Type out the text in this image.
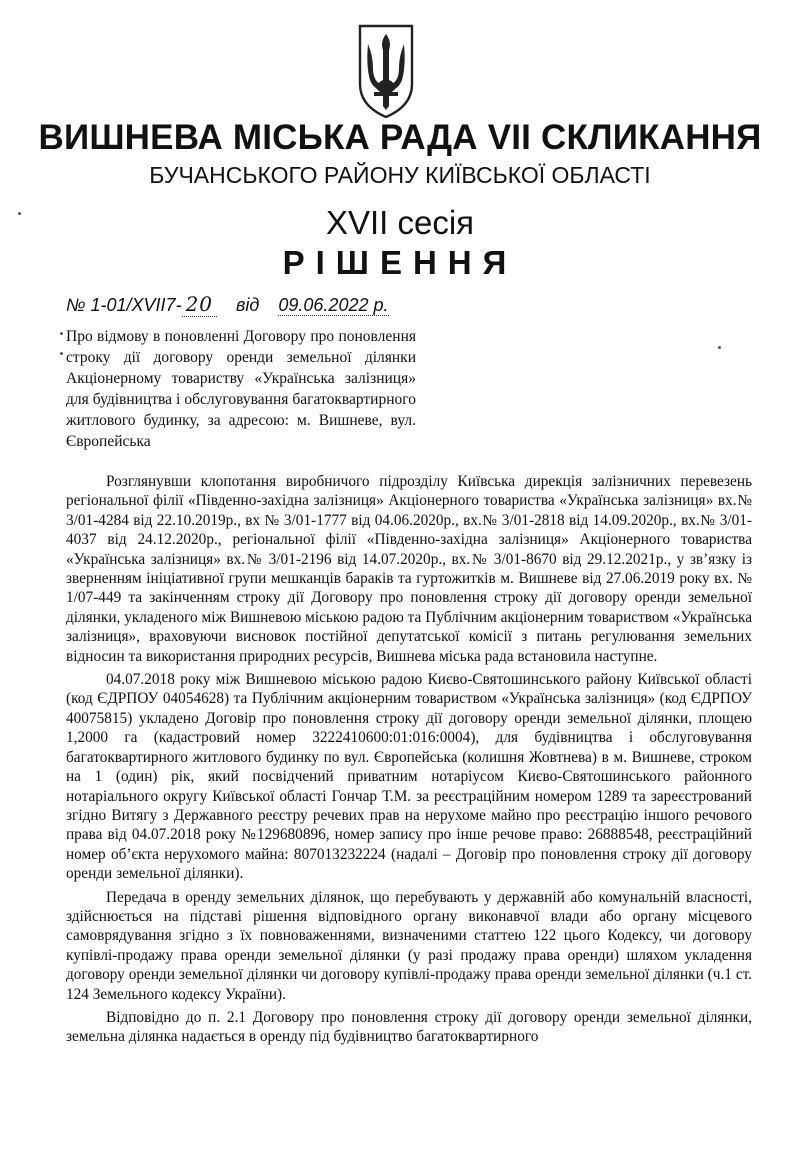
ВИШНЕВА МІСЬКА РАДА VII СКЛИКАННЯ
БУЧАНСЬКОГО РАЙОНУ КИЇВСЬКОЇ ОБЛАСТІ
XVII сесія
РІШЕННЯ
№ 1-01/XVII7- 20 від 09.06.2022 р.
Про відмову в поновленні Договору про поновлення строку дії договору оренди земельної ділянки Акціонерному товариству «Українська залізниця» для будівництва і обслуговування багатоквартирного житлового будинку, за адресою: м. Вишневе, вул. Європейська

Розглянувши клопотання виробничого підрозділу Київська дирекція залізничних перевезень регіональної філії «Південно-західна залізниця» Акціонерного товариства «Українська залізниця» вх.№ 3/01-4284 від 22.10.2019р., вх № 3/01-1777 від 04.06.2020р., вх.№ 3/01-2818 від 14.09.2020р., вх.№ 3/01-4037 від 24.12.2020р., регіональної філії «Південно-західна залізниця» Акціонерного товариства «Українська залізниця» вх.№ 3/01-2196 від 14.07.2020р., вх.№ 3/01-8670 від 29.12.2021р., у зв’язку із зверненням ініціативної групи мешканців бараків та гуртожитків м. Вишневе від 27.06.2019 року вх. № 1/07-449 та закінченням строку дії Договору про поновлення строку дії договору оренди земельної ділянки, укладеного між Вишневою міською радою та Публічним акціонерним товариством «Українська залізниця», враховуючи висновок постійної депутатської комісії з питань регулювання земельних відносин та використання природних ресурсів, Вишнева міська рада встановила наступне.

04.07.2018 року між Вишневою міською радою Києво-Святошинського району Київської області (код ЄДРПОУ 04054628) та Публічним акціонерним товариством «Українська залізниця» (код ЄДРПОУ 40075815) укладено Договір про поновлення строку дії договору оренди земельної ділянки, площею 1,2000 га (кадастровий номер 3222410600:01:016:0004), для будівництва і обслуговування багатоквартирного житлового будинку по вул. Європейська (колишня Жовтнева) в м. Вишневе, строком на 1 (один) рік, який посвідчений приватним нотаріусом Києво-Святошинського районного нотаріального округу Київської області Гончар Т.М. за реєстраційним номером 1289 та зареєстрований згідно Витягу з Державного реєстру речевих прав на нерухоме майно про реєстрацію іншого речового права від 04.07.2018 року №129680896, номер запису про інше речове право: 26888548, реєстраційний номер об’єкта нерухомого майна: 807013232224 (надалі – Договір про поновлення строку дії договору оренди земельної ділянки).

Передача в оренду земельних ділянок, що перебувають у державній або комунальній власності, здійснюється на підставі рішення відповідного органу виконавчої влади або органу місцевого самоврядування згідно з їх повноваженнями, визначеними статтею 122 цього Кодексу, чи договору купівлі-продажу права оренди земельної ділянки (у разі продажу права оренди) шляхом укладення договору оренди земельної ділянки чи договору купівлі-продажу права оренди земельної ділянки (ч.1 ст. 124 Земельного кодексу України).

Відповідно до п. 2.1 Договору про поновлення строку дії договору оренди земельної ділянки, земельна ділянка надається в оренду під будівництво багатоквартирного
